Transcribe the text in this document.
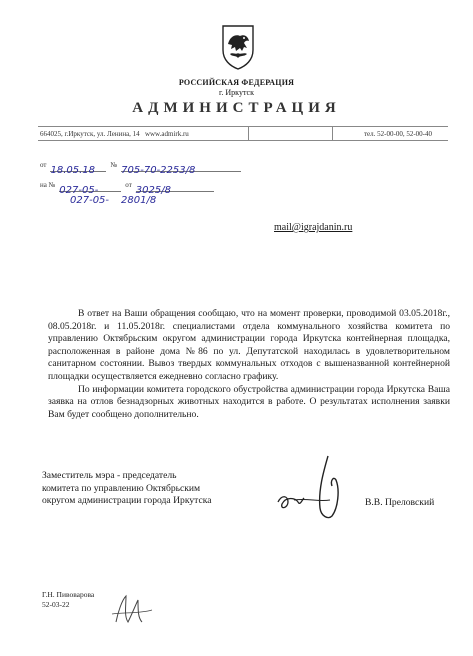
РОССИЙСКАЯ ФЕДЕРАЦИЯ
г. Иркутск
АДМИНИСТРАЦИЯ
664025, г.Иркутск, ул. Ленина, 14 www.admirk.ru	тел. 52-00-00, 52-00-40
от 18.05.18 № 705-70-2253/8
на № 027-05-	от 3025/8
027-05- 2801/8
mail@igrajdanin.ru

В ответ на Ваши обращения сообщаю, что на момент проверки, проводимой 03.05.2018г., 08.05.2018г. и 11.05.2018г. специалистами отдела коммунального хозяйства комитета по управлению Октябрьским округом администрации города Иркутска контейнерная площадка, расположенная в районе дома №86 по ул. Депутатской находилась в удовлетворительном санитарном состоянии. Вывоз твердых коммунальных отходов с вышеназванной контейнерной площадки осуществляется ежедневно согласно графику.

По информации комитета городского обустройства администрации города Иркутска Ваша заявка на отлов безнадзорных животных находится в работе. О результатах исполнения заявки Вам будет сообщено дополнительно.

Заместитель мэра - председатель
комитета по управлению Октябрьским
округом администрации города Иркутска	В.В. Преловский
Г.Н. Пивоварова
52-03-22
